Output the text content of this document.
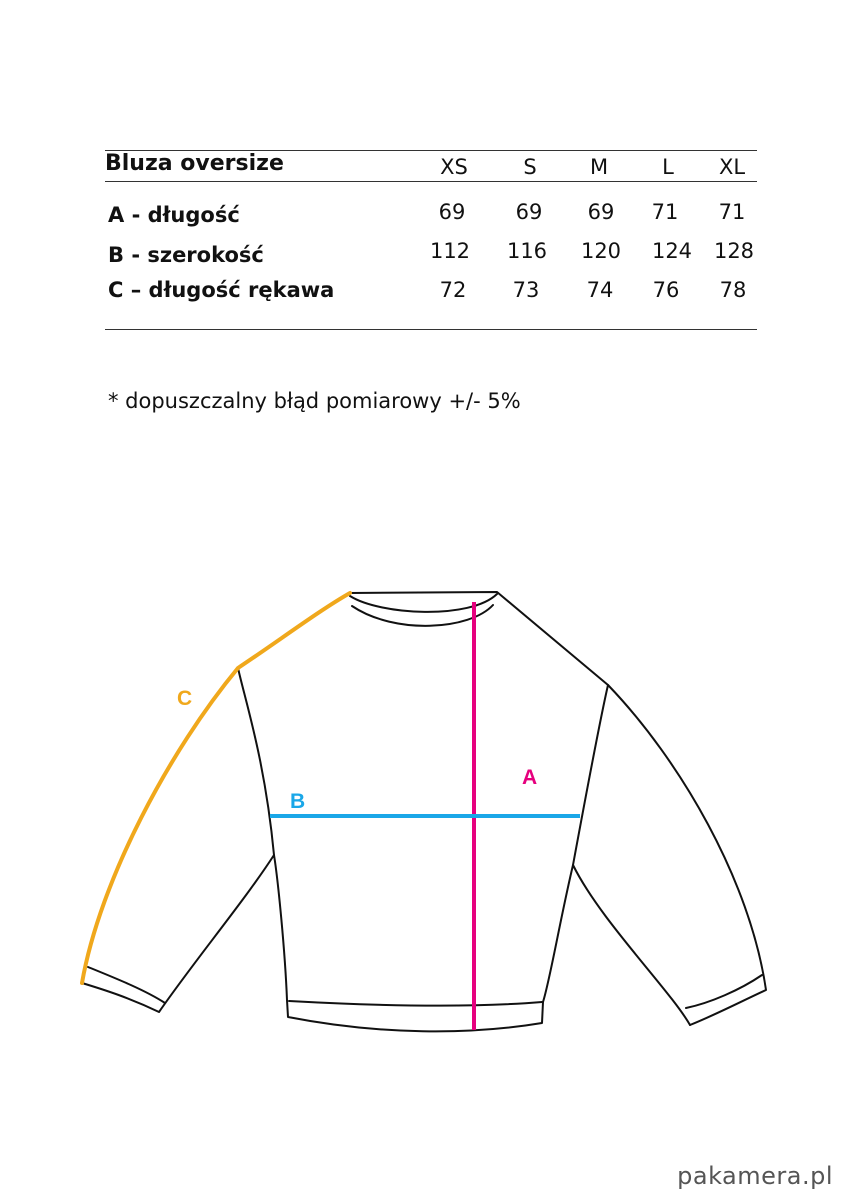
Bluza oversize	XS	S	M	L	XL
A - długość	69	69	69	71	71
B - szerokość	112	116	120	124	128
C – długość rękawa	72	73	74	76	78
* dopuszczalny błąd pomiarowy +/- 5%
A
B
C
pakamera.pl
